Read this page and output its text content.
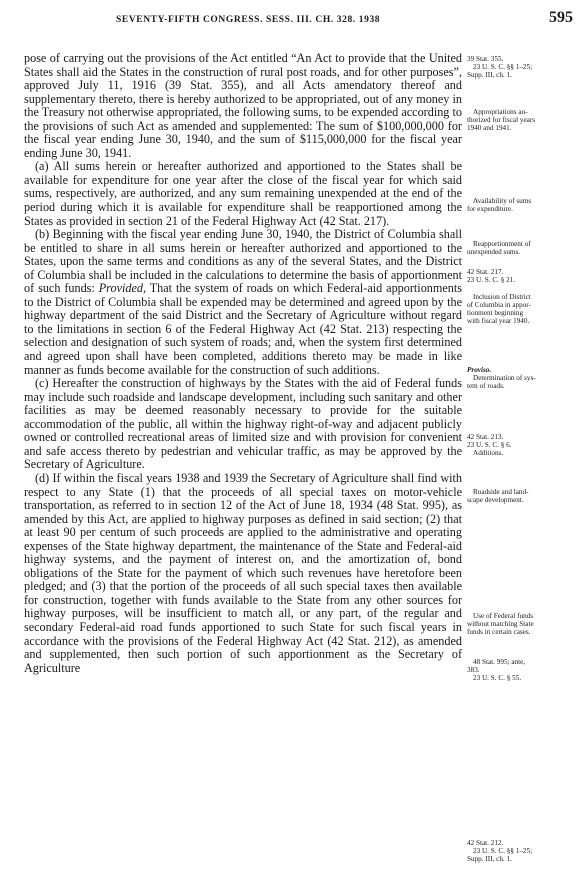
SEVENTY-FIFTH CONGRESS. SESS. III. CH. 328. 1938	595

pose of carrying out the provisions of the Act entitled “An Act to provide that the United States shall aid the States in the construction of rural post roads, and for other purposes”, approved July 11, 1916 (39 Stat. 355), and all Acts amendatory thereof and supplementary thereto, there is hereby authorized to be appropriated, out of any money in the Treasury not otherwise appropriated, the following sums, to be expended according to the provisions of such Act as amended and supplemented: The sum of $100,000,000 for the fiscal year ending June 30, 1940, and the sum of $115,000,000 for the fiscal year ending June 30, 1941.

(a) All sums herein or hereafter authorized and apportioned to the States shall be available for expenditure for one year after the close of the fiscal year for which said sums, respectively, are authorized, and any sum remaining unexpended at the end of the period during which it is available for expenditure shall be reapportioned among the States as provided in section 21 of the Federal Highway Act (42 Stat. 217).

(b) Beginning with the fiscal year ending June 30, 1940, the District of Columbia shall be entitled to share in all sums herein or hereafter authorized and apportioned to the States, upon the same terms and conditions as any of the several States, and the District of Columbia shall be included in the calculations to determine the basis of apportionment of such funds: Provided, That the system of roads on which Federal-aid apportionments to the District of Columbia shall be expended may be determined and agreed upon by the highway department of the said District and the Secretary of Agriculture without regard to the limitations in section 6 of the Federal Highway Act (42 Stat. 213) respecting the selection and designation of such system of roads; and, when the system first determined and agreed upon shall have been completed, additions thereto may be made in like manner as funds become available for the construction of such additions.

(c) Hereafter the construction of highways by the States with the aid of Federal funds may include such roadside and landscape development, including such sanitary and other facilities as may be deemed reasonably necessary to provide for the suitable accommodation of the public, all within the highway right-of-way and adjacent publicly owned or controlled recreational areas of limited size and with provision for convenient and safe access thereto by pedestrian and vehicular traffic, as may be approved by the Secretary of Agriculture.

(d) If within the fiscal years 1938 and 1939 the Secretary of Agriculture shall find with respect to any State (1) that the proceeds of all special taxes on motor-vehicle transportation, as referred to in section 12 of the Act of June 18, 1934 (48 Stat. 995), as amended by this Act, are applied to highway purposes as defined in said section; (2) that at least 90 per centum of such proceeds are applied to the administrative and operating expenses of the State highway department, the maintenance of the State and Federal-aid highway systems, and the payment of interest on, and the amortization of, bond obligations of the State for the payment of which such revenues have heretofore been pledged; and (3) that the portion of the proceeds of all such special taxes then available for construction, together with funds available to the State from any other sources for highway purposes, will be insufficient to match all, or any part, of the regular and secondary Federal-aid road funds apportioned to such State for such fiscal years in accordance with the provisions of the Federal Highway Act (42 Stat. 212), as amended and supplemented, then such portion of such apportionment as the Secretary of Agriculture

39 Stat. 355.
23 U. S. C. §§ 1–25;
Supp. III, ch. 1.
Appropriations au-
thorized for fiscal years
1940 and 1941.
Availability of sums
for expenditure.
Reapportionment of
unexpended sums.
42 Stat. 217.
23 U. S. C. § 21.
Inclusion of District
of Columbia in appor-
tionment beginning
with fiscal year 1940.
Proviso.
Determination of sys-
tem of roads.
42 Stat. 213.
23 U. S. C. § 6.
Additions.
Roadside and land-
scape development.
Use of Federal funds
without matching State
funds in certain cases.
48 Stat. 995; ante,
383.
23 U. S. C. § 55.
42 Stat. 212.
23 U. S. C. §§ 1–25;
Supp. III, ch. 1.
